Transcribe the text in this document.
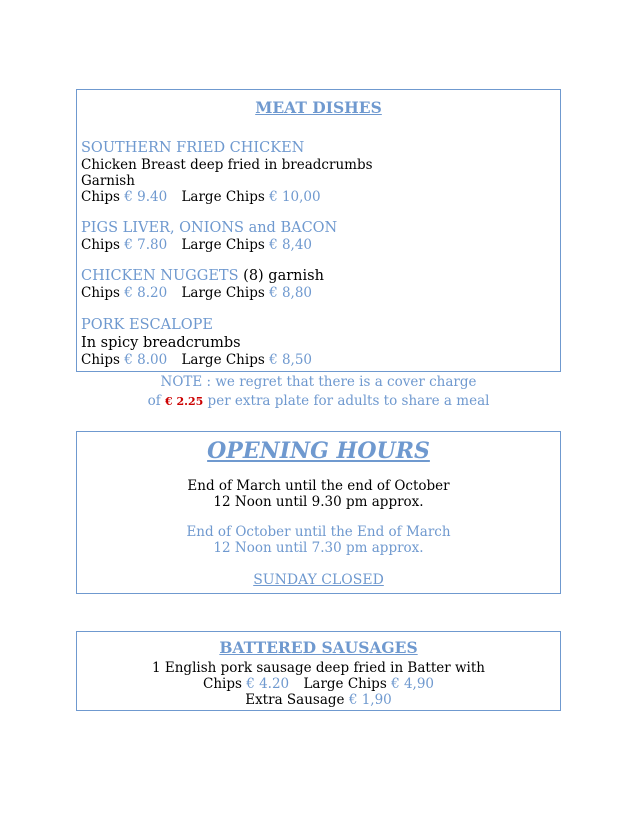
MEAT DISHES
SOUTHERN FRIED CHICKEN
Chicken Breast deep fried in breadcrumbs
Garnish
Chips € 9.40 Large Chips € 10,00
PIGS LIVER, ONIONS and BACON
Chips € 7.80 Large Chips € 8,40
CHICKEN NUGGETS (8) garnish
Chips € 8.20 Large Chips € 8,80
PORK ESCALOPE
In spicy breadcrumbs
Chips € 8.00 Large Chips € 8,50
NOTE : we regret that there is a cover charge
of € 2.25 per extra plate for adults to share a meal
OPENING HOURS
End of March until the end of October
12 Noon until 9.30 pm approx.
End of October until the End of March
12 Noon until 7.30 pm approx.
SUNDAY CLOSED
BATTERED SAUSAGES
1 English pork sausage deep fried in Batter with
Chips € 4.20 Large Chips € 4,90
Extra Sausage € 1,90
